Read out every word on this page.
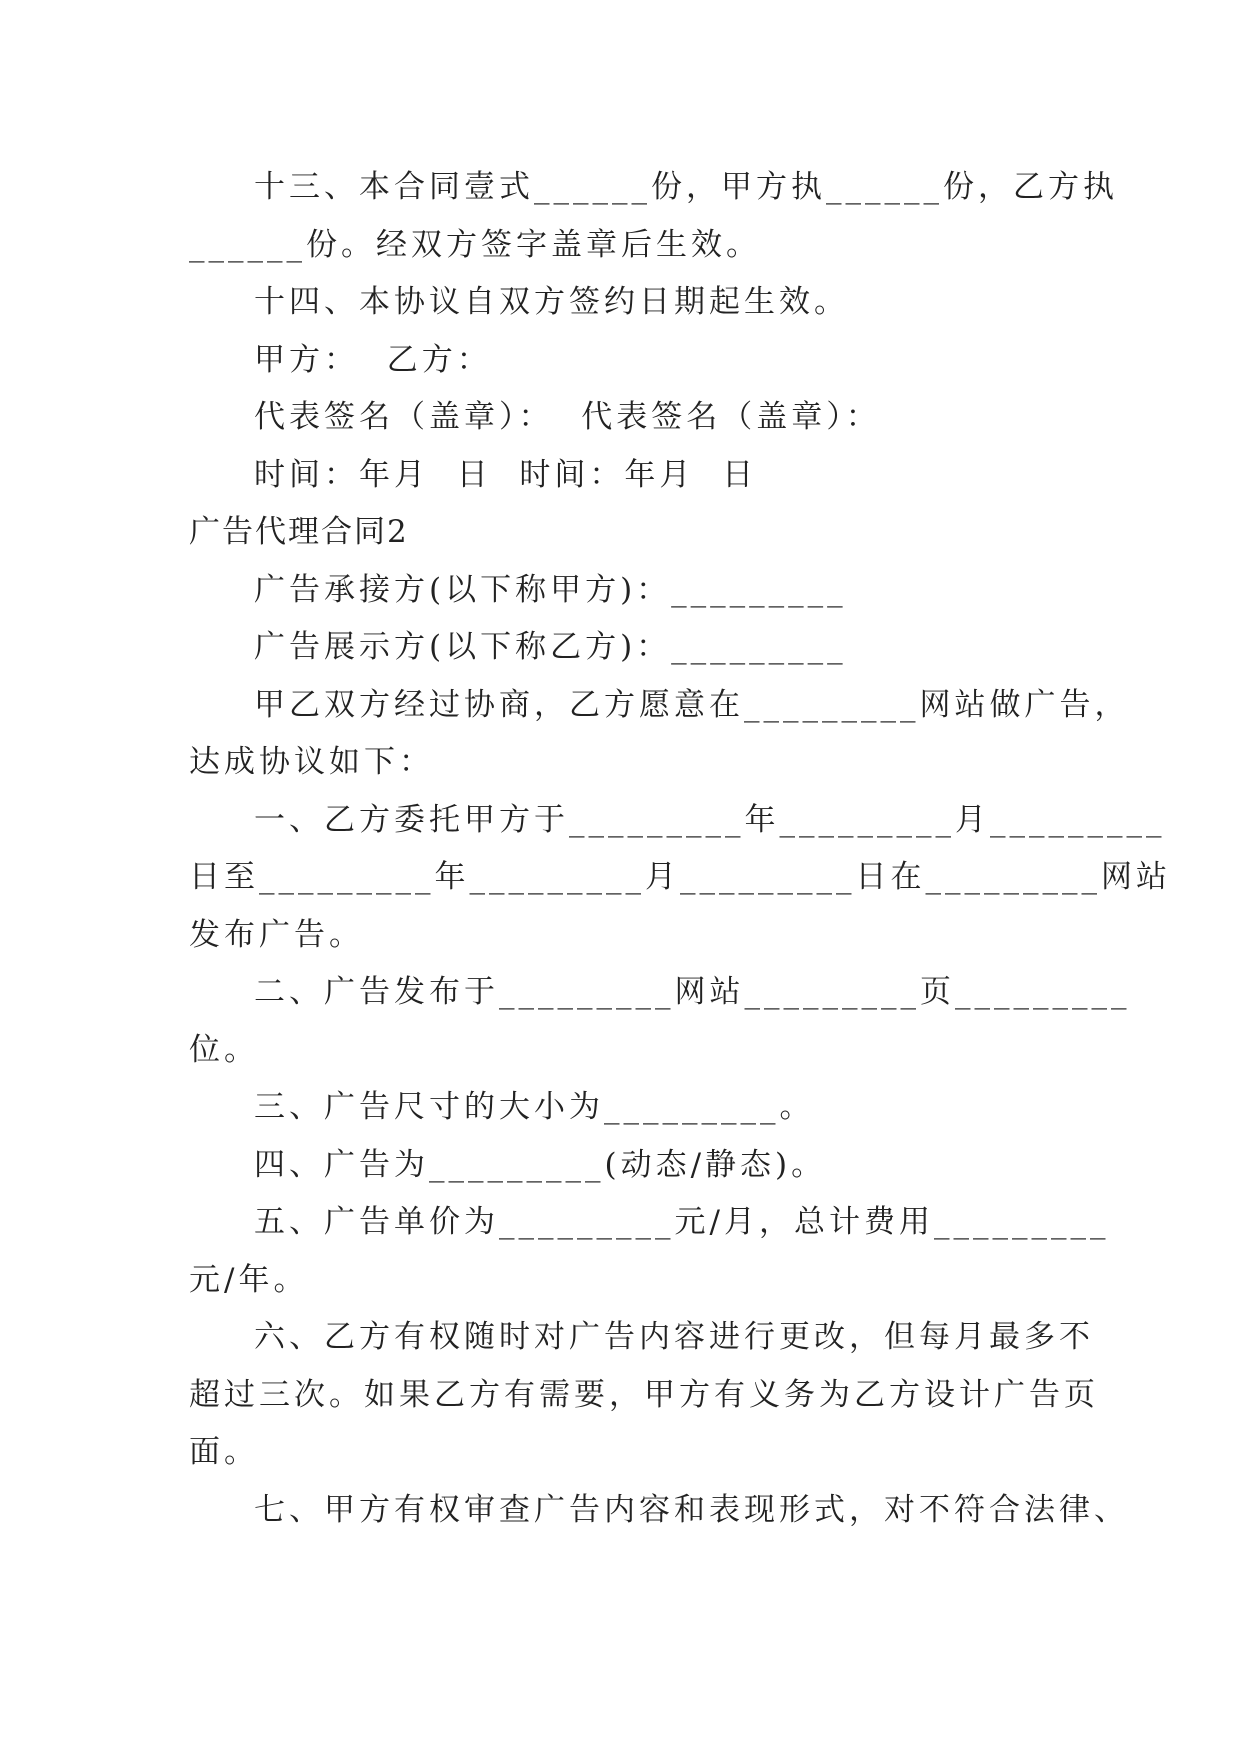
十三、本合同壹式______份，甲方执______份，乙方执
______份。经双方签字盖章后生效。
十四、本协议自双方签约日期起生效。
甲方：  乙方：
代表签名（盖章）：  代表签名（盖章）：
时间：年月  日  时间：年月  日
广告代理合同2
广告承接方(以下称甲方)：_________
广告展示方(以下称乙方)：_________
甲乙双方经过协商，乙方愿意在_________网站做广告，
达成协议如下：
一、乙方委托甲方于_________年_________月_________
日至_________年_________月_________日在_________网站
发布广告。
二、广告发布于_________网站_________页_________
位。
三、广告尺寸的大小为_________。
四、广告为_________(动态/静态)。
五、广告单价为_________元/月，总计费用_________
元/年。
六、乙方有权随时对广告内容进行更改，但每月最多不
超过三次。如果乙方有需要，甲方有义务为乙方设计广告页
面。
七、甲方有权审查广告内容和表现形式，对不符合法律、
